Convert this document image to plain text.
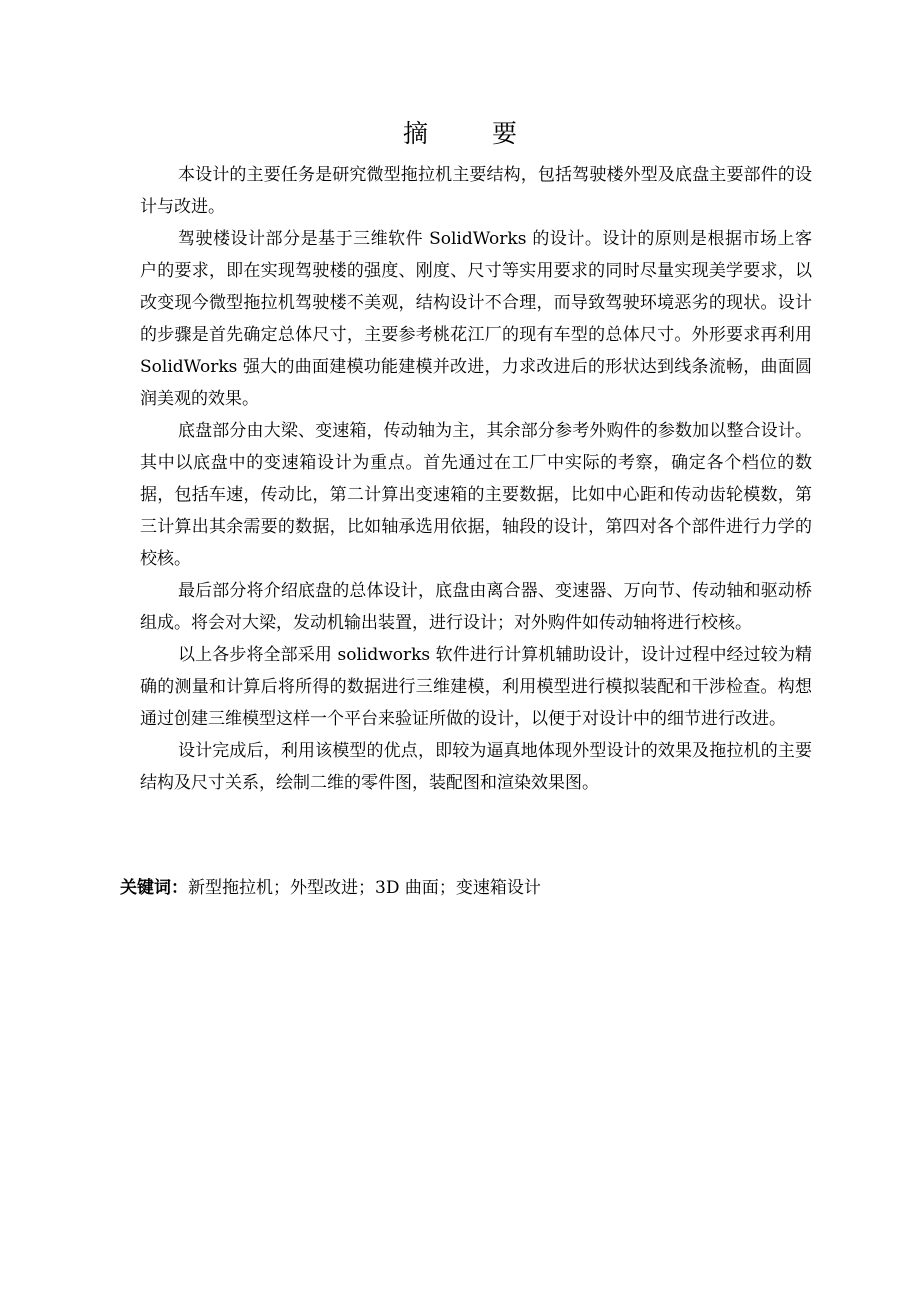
摘 要

本设计的主要任务是研究微型拖拉机主要结构，包括驾驶楼外型及底盘主要部件的设计与改进。

驾驶楼设计部分是基于三维软件 SolidWorks 的设计。设计的原则是根据市场上客户的要求，即在实现驾驶楼的强度、刚度、尺寸等实用要求的同时尽量实现美学要求，以改变现今微型拖拉机驾驶楼不美观，结构设计不合理，而导致驾驶环境恶劣的现状。设计的步骤是首先确定总体尺寸，主要参考桃花江厂的现有车型的总体尺寸。外形要求再利用 SolidWorks 强大的曲面建模功能建模并改进，力求改进后的形状达到线条流畅，曲面圆润美观的效果。

底盘部分由大梁、变速箱，传动轴为主，其余部分参考外购件的参数加以整合设计。其中以底盘中的变速箱设计为重点。首先通过在工厂中实际的考察，确定各个档位的数据，包括车速，传动比，第二计算出变速箱的主要数据，比如中心距和传动齿轮模数，第三计算出其余需要的数据，比如轴承选用依据，轴段的设计，第四对各个部件进行力学的校核。

最后部分将介绍底盘的总体设计，底盘由离合器、变速器、万向节、传动轴和驱动桥组成。将会对大梁，发动机输出装置，进行设计；对外购件如传动轴将进行校核。

以上各步将全部采用 solidworks 软件进行计算机辅助设计，设计过程中经过较为精确的测量和计算后将所得的数据进行三维建模，利用模型进行模拟装配和干涉检查。构想通过创建三维模型这样一个平台来验证所做的设计，以便于对设计中的细节进行改进。

设计完成后，利用该模型的优点，即较为逼真地体现外型设计的效果及拖拉机的主要结构及尺寸关系，绘制二维的零件图，装配图和渲染效果图。

关键词：新型拖拉机；外型改进；3D 曲面；变速箱设计
